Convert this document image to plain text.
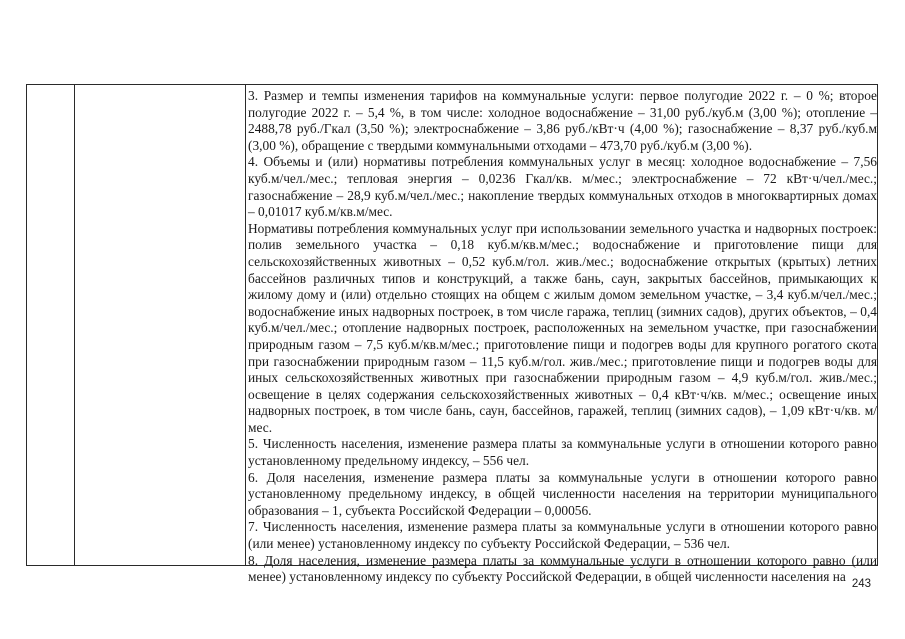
3. Размер и темпы изменения тарифов на коммунальные услуги: первое полугодие 2022 г. – 0 %; второе полугодие 2022 г. – 5,4 %, в том числе: холодное водоснабжение – 31,00 руб./куб.м (3,00 %); отопление – 2488,78 руб./Гкал (3,50 %); электроснабжение – 3,86 руб./кВт·ч (4,00 %); газоснабжение – 8,37 руб./куб.м (3,00 %), обращение с твердыми коммунальными отходами – 473,70 руб./куб.м (3,00 %).

4. Объемы и (или) нормативы потребления коммунальных услуг в месяц: холодное водоснабжение – 7,56 куб.м/чел./мес.; тепловая энергия – 0,0236 Гкал/кв. м/мес.; электроснабжение – 72 кВт·ч/чел./мес.; газоснабжение – 28,9 куб.м/чел./мес.; накопление твердых коммунальных отходов в многоквартирных домах – 0,01017 куб.м/кв.м/мес.

Нормативы потребления коммунальных услуг при использовании земельного участка и надворных построек: полив земельного участка – 0,18 куб.м/кв.м/мес.; водоснабжение и приготовление пищи для сельскохозяйственных животных – 0,52 куб.м/гол. жив./мес.; водоснабжение открытых (крытых) летних бассейнов различных типов и конструкций, а также бань, саун, закрытых бассейнов, примыкающих к жилому дому и (или) отдельно стоящих на общем с жилым домом земельном участке, – 3,4 куб.м/чел./мес.; водоснабжение иных надворных построек, в том числе гаража, теплиц (зимних садов), других объектов, – 0,4 куб.м/чел./мес.; отопление надворных построек, расположенных на земельном участке, при газоснабжении природным газом – 7,5 куб.м/кв.м/мес.; приготовление пищи и подогрев воды для крупного рогатого скота при газоснабжении природным газом – 11,5 куб.м/гол. жив./мес.; приготовление пищи и подогрев воды для иных сельскохозяйственных животных при газоснабжении природным газом – 4,9 куб.м/гол. жив./мес.; освещение в целях содержания сельскохозяйственных животных – 0,4 кВт·ч/кв. м/мес.; освещение иных надворных построек, в том числе бань, саун, бассейнов, гаражей, теплиц (зимних садов), – 1,09 кВт·ч/кв. м/мес.

5. Численность населения, изменение размера платы за коммунальные услуги в отношении которого равно установленному предельному индексу, – 556 чел.

6. Доля населения, изменение размера платы за коммунальные услуги в отношении которого равно установленному предельному индексу, в общей численности населения на территории муниципального образования – 1, субъекта Российской Федерации – 0,00056.

7. Численность населения, изменение размера платы за коммунальные услуги в отношении которого равно (или менее) установленному индексу по субъекту Российской Федерации, – 536 чел.

8. Доля населения, изменение размера платы за коммунальные услуги в отношении которого равно (или менее) установленному индексу по субъекту Российской Федерации, в общей численности населения на 243
